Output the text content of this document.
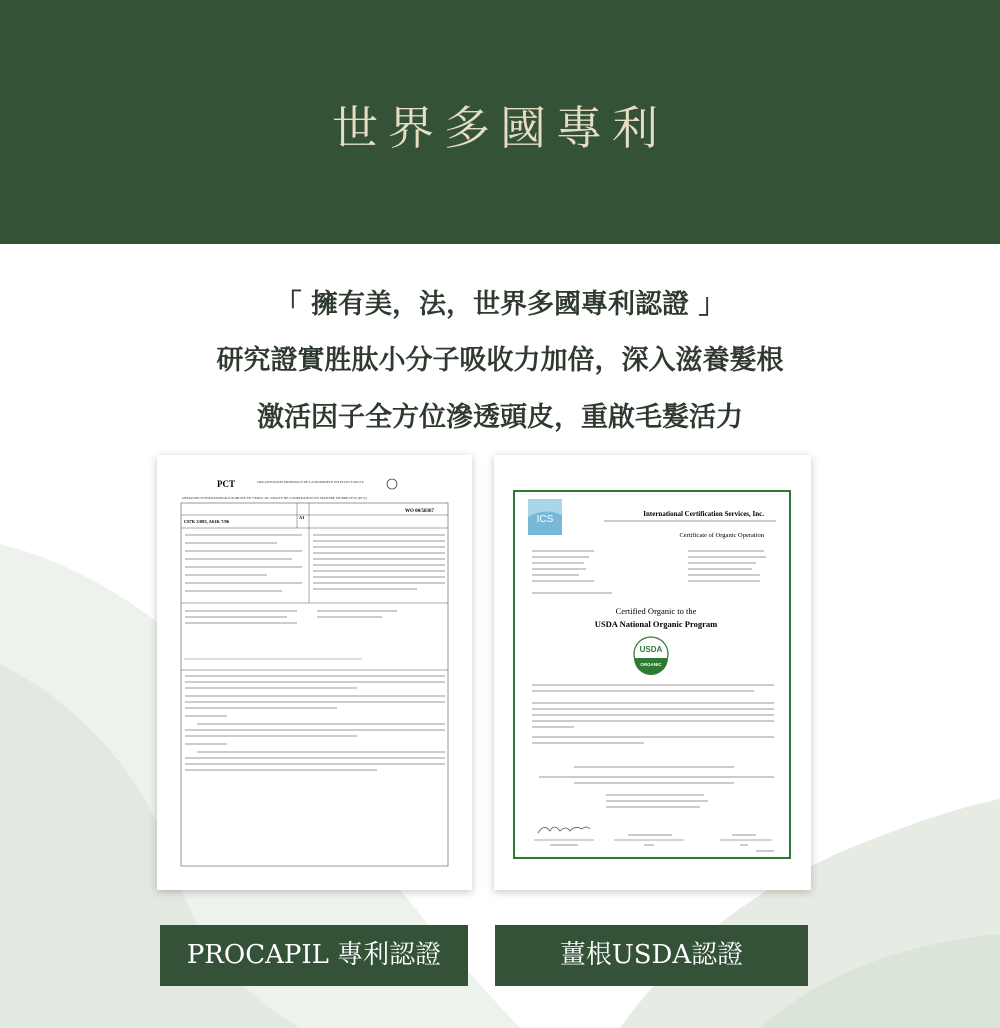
世界多國專利
「 擁有美，法，世界多國專利認證 」
研究證實胜肽小分子吸收力加倍，深入滋養髮根
激活因子全方位滲透頭皮，重啟毛髮活力
PCT	ORGANISATION MONDIALE DE LA PROPRIETE INTELLECTUELLE
DEMANDE INTERNATIONALE PUBLIEE EN VERTU DU TRAITE DE COOPERATION EN MATIERE DE BREVETS (PCT)
C07K 5/083, A61K 7/06
A1
WO 00/58367
ICS	International Certification Services, Inc.
Certificate of Organic Operation
Certified Organic to the
USDA National Organic Program
USDA
ORGANIC
PROCAPIL 專利認證	薑根USDA認證
